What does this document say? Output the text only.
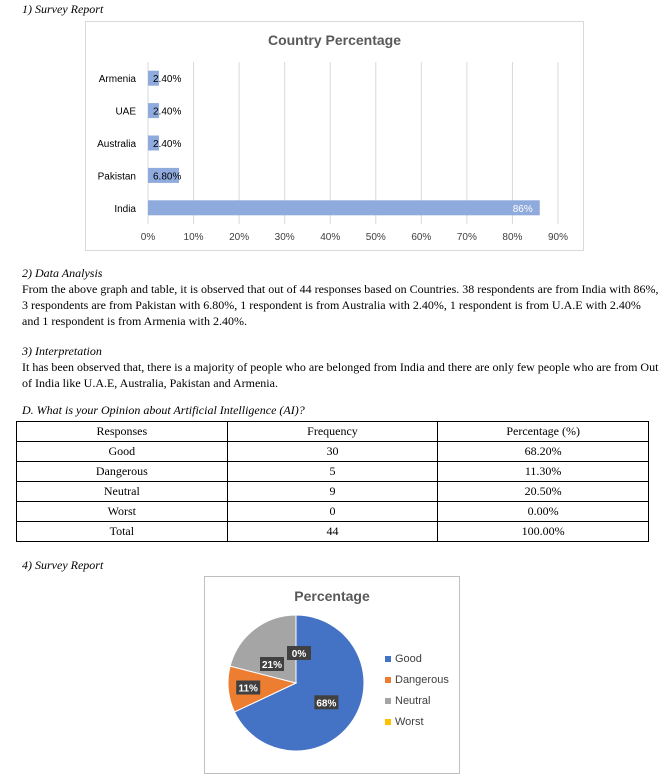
1) Survey Report
Country Percentage
0%	10%	20%	30%	40%	50%	60%	70%	80%	90%
Armenia 2.40%
UAE 2.40%
Australia 2.40%
Pakistan 6.80%
India	86%
2) Data Analysis
From the above graph and table, it is observed that out of 44 responses based on Countries. 38 respondents are from India with 86%,
3 respondents are from Pakistan with 6.80%, 1 respondent is from Australia with 2.40%, 1 respondent is from U.A.E with 2.40%
and 1 respondent is from Armenia with 2.40%.
3) Interpretation
It has been observed that, there is a majority of people who are belonged from India and there are only few people who are from Out
of India like U.A.E, Australia, Pakistan and Armenia.
D. What is your Opinion about Artificial Intelligence (AI)?
Responses	Frequency	Percentage (%)
Good	30	68.20%
Dangerous	5	11.30%
Neutral	9	20.50%
Worst	0	0.00%
Total	44	100.00%
4) Survey Report
Percentage
68%
11%
21%
0%	Good
Dangerous
Neutral
Worst
